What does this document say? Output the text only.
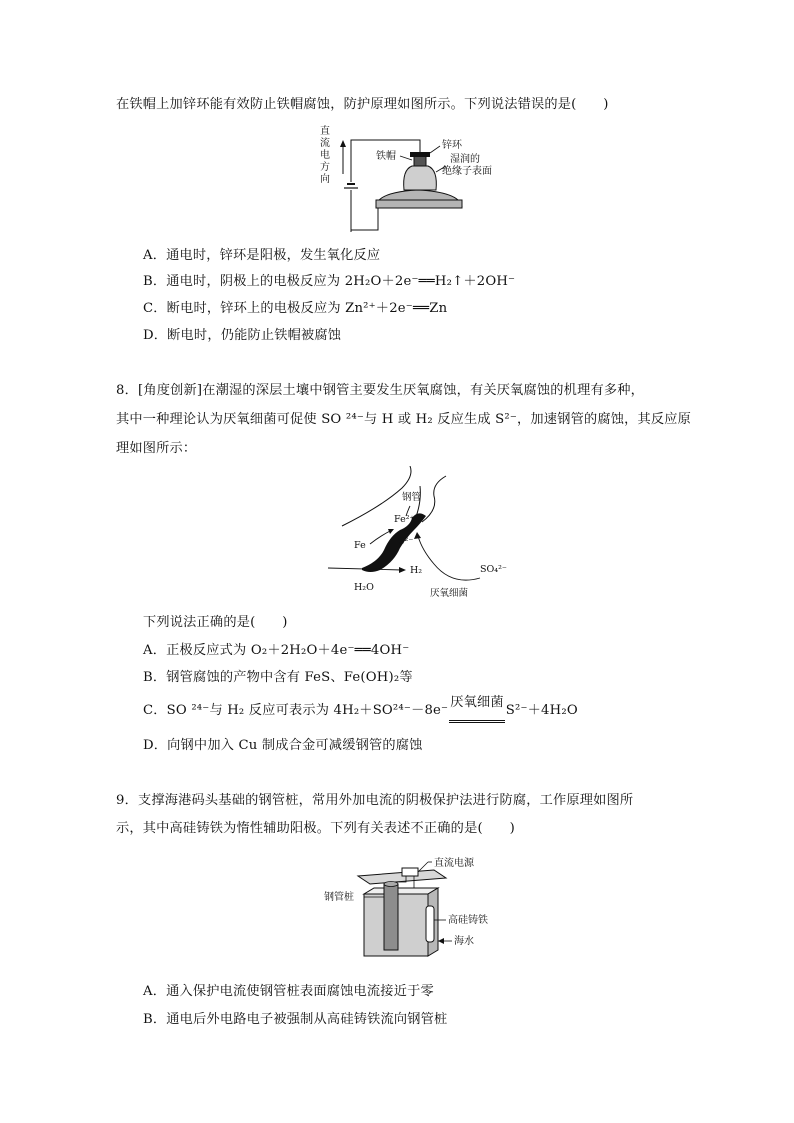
在铁帽上加锌环能有效防止铁帽腐蚀，防护原理如图所示。下列说法错误的是(　　)
直流电方向
锌环
铁帽	湿润的
绝缘子表面
A．通电时，锌环是阳极，发生氧化反应
B．通电时，阴极上的电极反应为 2H₂O＋2e⁻══H₂↑＋2OH⁻
C．断电时，锌环上的电极反应为 Zn²⁺＋2e⁻══Zn
D．断电时，仍能防止铁帽被腐蚀
8．[角度创新]在潮湿的深层土壤中钢管主要发生厌氧腐蚀，有关厌氧腐蚀的机理有多种，
其中一种理论认为厌氧细菌可促使 SO ²⁴⁻与 H 或 H₂ 反应生成 S²⁻，加速钢管的腐蚀，其反应原
理如图所示：
钢管
Fe²⁺
Fe	S²⁻
H₂O
H₂	SO₄²⁻
厌氧细菌
下列说法正确的是(　　)
A．正极反应式为 O₂＋2H₂O＋4e⁻══4OH⁻
B．钢管腐蚀的产物中含有 FeS、Fe(OH)₂等
C．SO ²⁴⁻与 H₂ 反应可表示为 4H₂＋SO²⁴⁻－8e⁻厌氧细菌S²⁻＋4H₂O
D．向钢中加入 Cu 制成合金可减缓钢管的腐蚀
9．支撑海港码头基础的钢管桩，常用外加电流的阴极保护法进行防腐，工作原理如图所
示，其中高硅铸铁为惰性辅助阳极。下列有关表述不正确的是(　　)
直流电源
钢管桩
高硅铸铁
海水
A．通入保护电流使钢管桩表面腐蚀电流接近于零
B．通电后外电路电子被强制从高硅铸铁流向钢管桩
